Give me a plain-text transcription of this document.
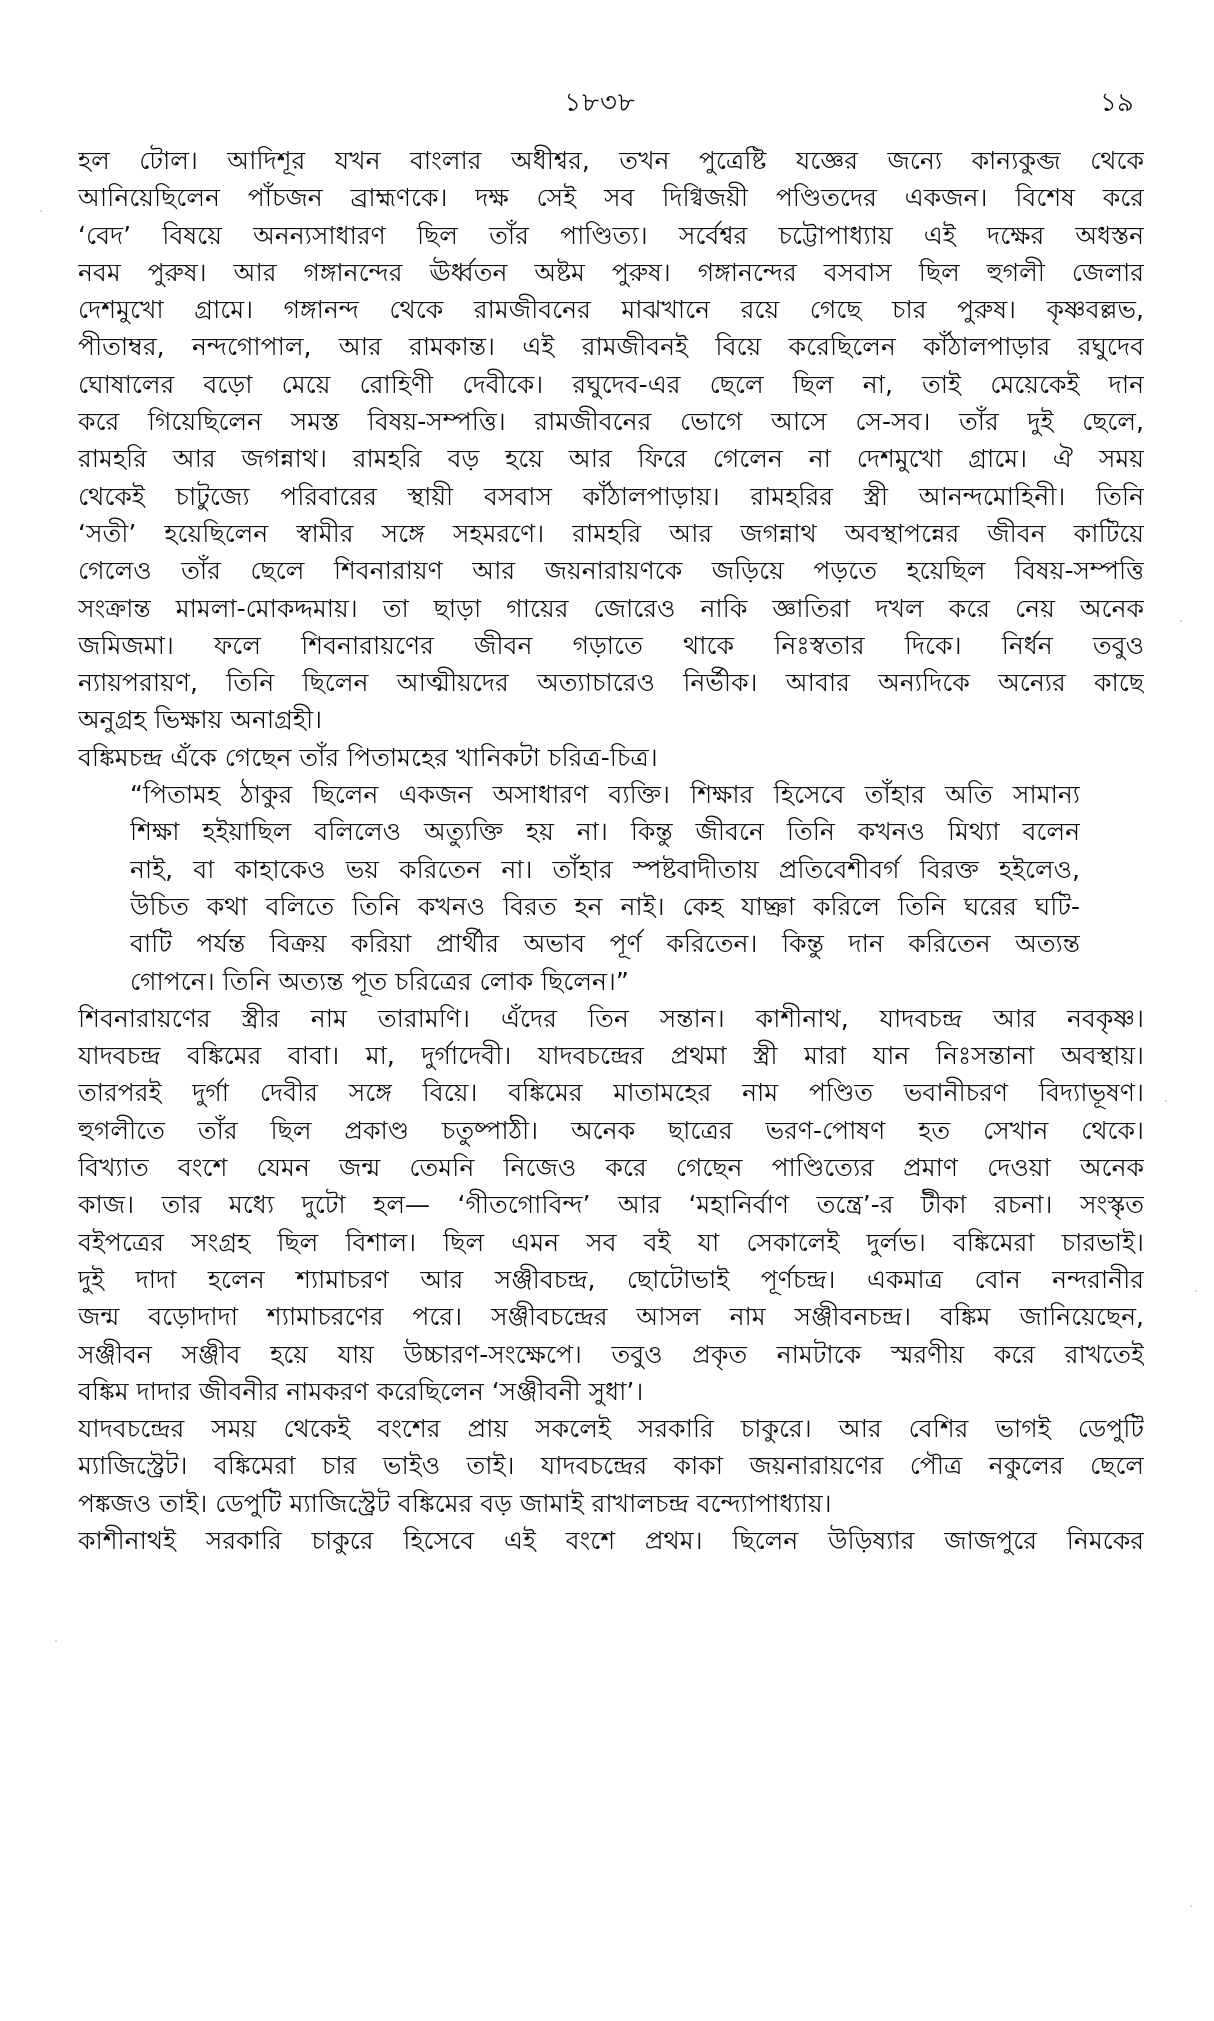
১৮৩৮	১৯
হল টোল। আদিশূর যখন বাংলার অধীশ্বর, তখন পুত্রেষ্টি যজ্ঞের জন্যে কান্যকুব্জ থেকে
আনিয়েছিলেন পাঁচজন ব্রাহ্মণকে। দক্ষ সেই সব দিগ্বিজয়ী পণ্ডিতদের একজন। বিশেষ করে
‘বেদ’ বিষয়ে অনন্যসাধারণ ছিল তাঁর পাণ্ডিত্য। সর্বেশ্বর চট্টোপাধ্যায় এই দক্ষের অধস্তন
নবম পুরুষ। আর গঙ্গানন্দের ঊর্ধ্বতন অষ্টম পুরুষ। গঙ্গানন্দের বসবাস ছিল হুগলী জেলার
দেশমুখো গ্রামে। গঙ্গানন্দ থেকে রামজীবনের মাঝখানে রয়ে গেছে চার পুরুষ। কৃষ্ণবল্লভ,
পীতাম্বর, নন্দগোপাল, আর রামকান্ত। এই রামজীবনই বিয়ে করেছিলেন কাঁঠালপাড়ার রঘুদেব
ঘোষালের বড়ো মেয়ে রোহিণী দেবীকে। রঘুদেব-এর ছেলে ছিল না, তাই মেয়েকেই দান
করে গিয়েছিলেন সমস্ত বিষয়-সম্পত্তি। রামজীবনের ভোগে আসে সে-সব। তাঁর দুই ছেলে,
রামহরি আর জগন্নাথ। রামহরি বড় হয়ে আর ফিরে গেলেন না দেশমুখো গ্রামে। ঐ সময়
থেকেই চাটুজ্যে পরিবারের স্থায়ী বসবাস কাঁঠালপাড়ায়। রামহরির স্ত্রী আনন্দমোহিনী। তিনি
‘সতী’ হয়েছিলেন স্বামীর সঙ্গে সহমরণে। রামহরি আর জগন্নাথ অবস্থাপন্নের জীবন কাটিয়ে
গেলেও তাঁর ছেলে শিবনারায়ণ আর জয়নারায়ণকে জড়িয়ে পড়তে হয়েছিল বিষয়-সম্পত্তি
সংক্রান্ত মামলা-মোকদ্দমায়। তা ছাড়া গায়ের জোরেও নাকি জ্ঞাতিরা দখল করে নেয় অনেক
জমিজমা। ফলে শিবনারায়ণের জীবন গড়াতে থাকে নিঃস্বতার দিকে। নির্ধন তবুও
ন্যায়পরায়ণ, তিনি ছিলেন আত্মীয়দের অত্যাচারেও নির্ভীক। আবার অন্যদিকে অন্যের কাছে
অনুগ্রহ ভিক্ষায় অনাগ্রহী।
বঙ্কিমচন্দ্র এঁকে গেছেন তাঁর পিতামহের খানিকটা চরিত্র-চিত্র।
“পিতামহ ঠাকুর ছিলেন একজন অসাধারণ ব্যক্তি। শিক্ষার হিসেবে তাঁহার অতি সামান্য
শিক্ষা হইয়াছিল বলিলেও অত্যুক্তি হয় না। কিন্তু জীবনে তিনি কখনও মিথ্যা বলেন
নাই, বা কাহাকেও ভয় করিতেন না। তাঁহার স্পষ্টবাদীতায় প্রতিবেশীবর্গ বিরক্ত হইলেও,
উচিত কথা বলিতে তিনি কখনও বিরত হন নাই। কেহ যাচ্ঞা করিলে তিনি ঘরের ঘটি-
বাটি পর্যন্ত বিক্রয় করিয়া প্রার্থীর অভাব পূর্ণ করিতেন। কিন্তু দান করিতেন অত্যন্ত
গোপনে। তিনি অত্যন্ত পূত চরিত্রের লোক ছিলেন।”
শিবনারায়ণের স্ত্রীর নাম তারামণি। এঁদের তিন সন্তান। কাশীনাথ, যাদবচন্দ্র আর নবকৃষ্ণ।
যাদবচন্দ্র বঙ্কিমের বাবা। মা, দুর্গাদেবী। যাদবচন্দ্রের প্রথমা স্ত্রী মারা যান নিঃসন্তানা অবস্থায়।
তারপরই দুর্গা দেবীর সঙ্গে বিয়ে। বঙ্কিমের মাতামহের নাম পণ্ডিত ভবানীচরণ বিদ্যাভূষণ।
হুগলীতে তাঁর ছিল প্রকাণ্ড চতুষ্পাঠী। অনেক ছাত্রের ভরণ-পোষণ হত সেখান থেকে।
বিখ্যাত বংশে যেমন জন্ম তেমনি নিজেও করে গেছেন পাণ্ডিত্যের প্রমাণ দেওয়া অনেক
কাজ। তার মধ্যে দুটো হল— ‘গীতগোবিন্দ’ আর ‘মহানির্বাণ তন্ত্রে’-র টীকা রচনা। সংস্কৃত
বইপত্রের সংগ্রহ ছিল বিশাল। ছিল এমন সব বই যা সেকালেই দুর্লভ। বঙ্কিমেরা চারভাই।
দুই দাদা হলেন শ্যামাচরণ আর সঞ্জীবচন্দ্র, ছোটোভাই পূর্ণচন্দ্র। একমাত্র বোন নন্দরানীর
জন্ম বড়োদাদা শ্যামাচরণের পরে। সঞ্জীবচন্দ্রের আসল নাম সঞ্জীবনচন্দ্র। বঙ্কিম জানিয়েছেন,
সঞ্জীবন সঞ্জীব হয়ে যায় উচ্চারণ-সংক্ষেপে। তবুও প্রকৃত নামটাকে স্মরণীয় করে রাখতেই
বঙ্কিম দাদার জীবনীর নামকরণ করেছিলেন ‘সঞ্জীবনী সুধা’।
যাদবচন্দ্রের সময় থেকেই বংশের প্রায় সকলেই সরকারি চাকুরে। আর বেশির ভাগই ডেপুটি
ম্যাজিস্ট্রেট। বঙ্কিমেরা চার ভাইও তাই। যাদবচন্দ্রের কাকা জয়নারায়ণের পৌত্র নকুলের ছেলে
পঙ্কজও তাই। ডেপুটি ম্যাজিস্ট্রেট বঙ্কিমের বড় জামাই রাখালচন্দ্র বন্দ্যোপাধ্যায়।
কাশীনাথই সরকারি চাকুরে হিসেবে এই বংশে প্রথম। ছিলেন উড়িষ্যার জাজপুরে নিমকের
